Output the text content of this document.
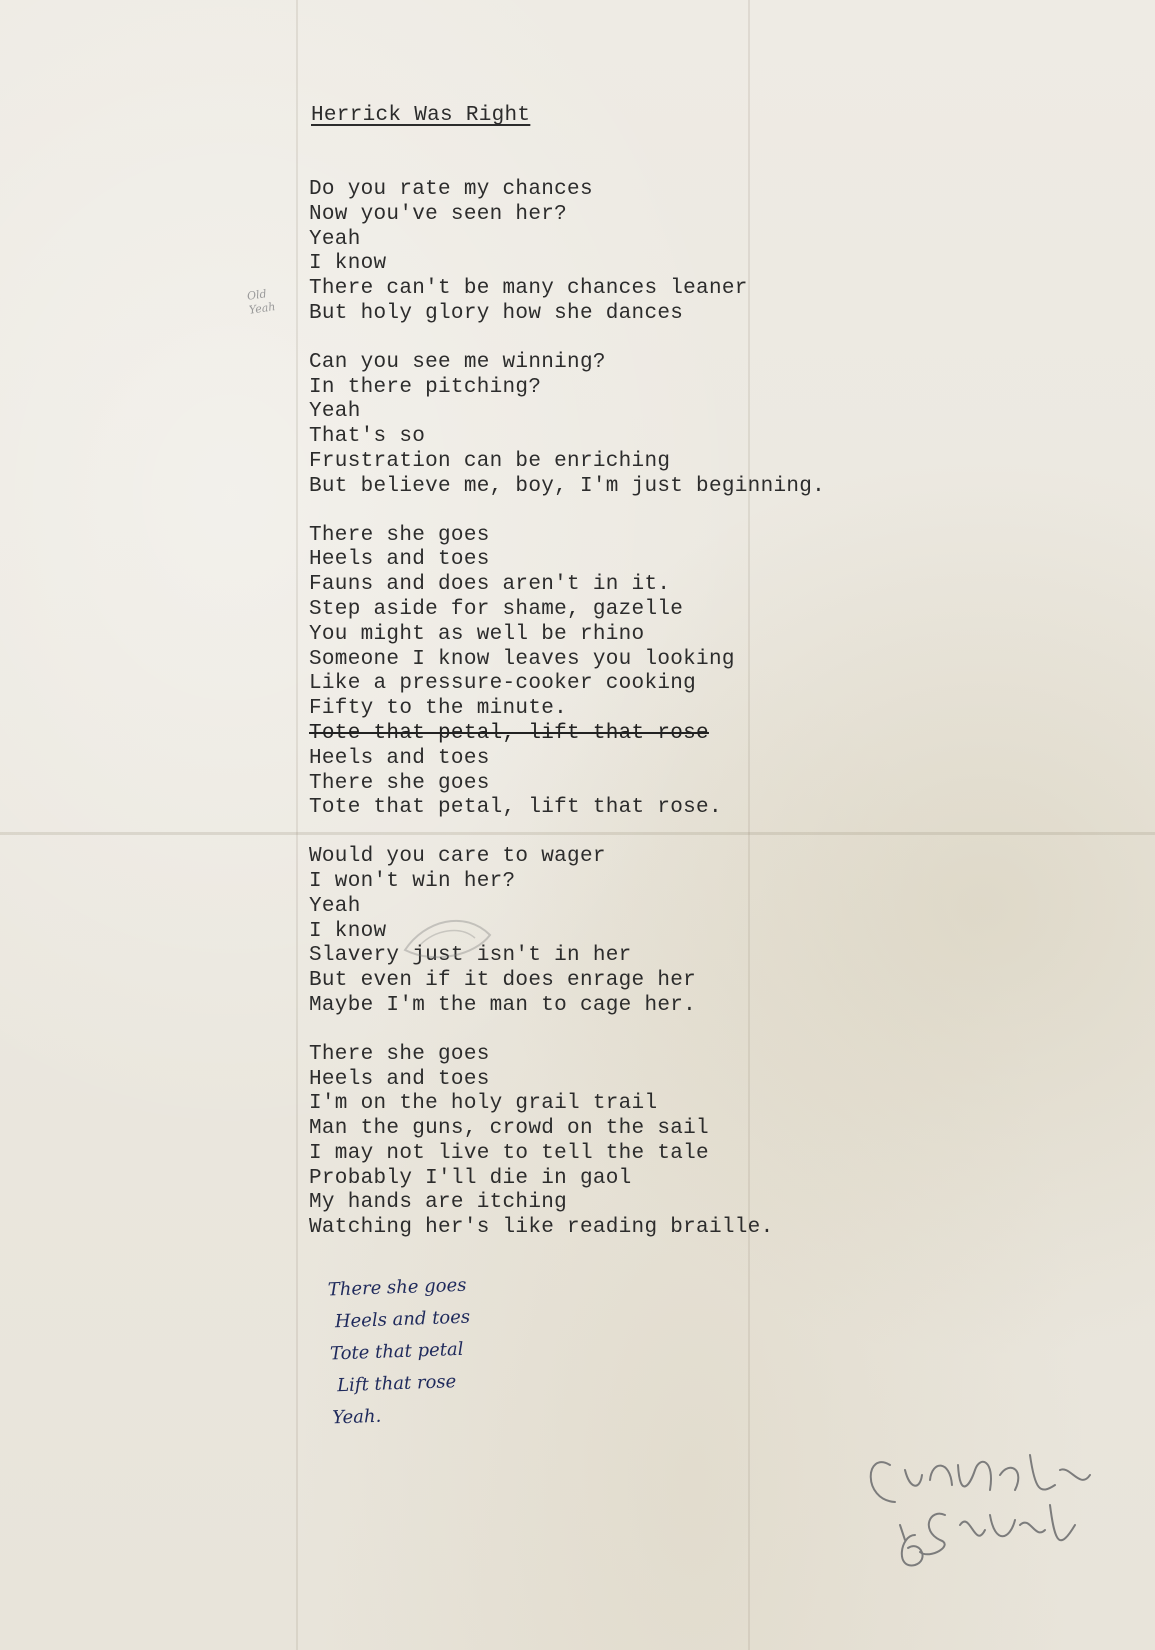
Herrick Was Right
Old
Yeah
Do you rate my chances
Now you've seen her?
Yeah
I know
There can't be many chances leaner
But holy glory how she dances
Can you see me winning?
In there pitching?
Yeah
That's so
Frustration can be enriching
But believe me, boy, I'm just beginning.
There she goes
Heels and toes
Fauns and does aren't in it.
Step aside for shame, gazelle
You might as well be rhino
Someone I know leaves you looking
Like a pressure-cooker cooking
Fifty to the minute.
Tote that petal, lift that rose
Heels and toes
There she goes
Tote that petal, lift that rose.
Would you care to wager
I won't win her?
Yeah
I know
Slavery just isn't in her
But even if it does enrage her
Maybe I'm the man to cage her.
There she goes
Heels and toes
I'm on the holy grail trail
Man the guns, crowd on the sail
I may not live to tell the tale
Probably I'll die in gaol
My hands are itching
Watching her's like reading braille.
There she goes
Heels and toes
Tote that petal
Lift that rose
Yeah.
